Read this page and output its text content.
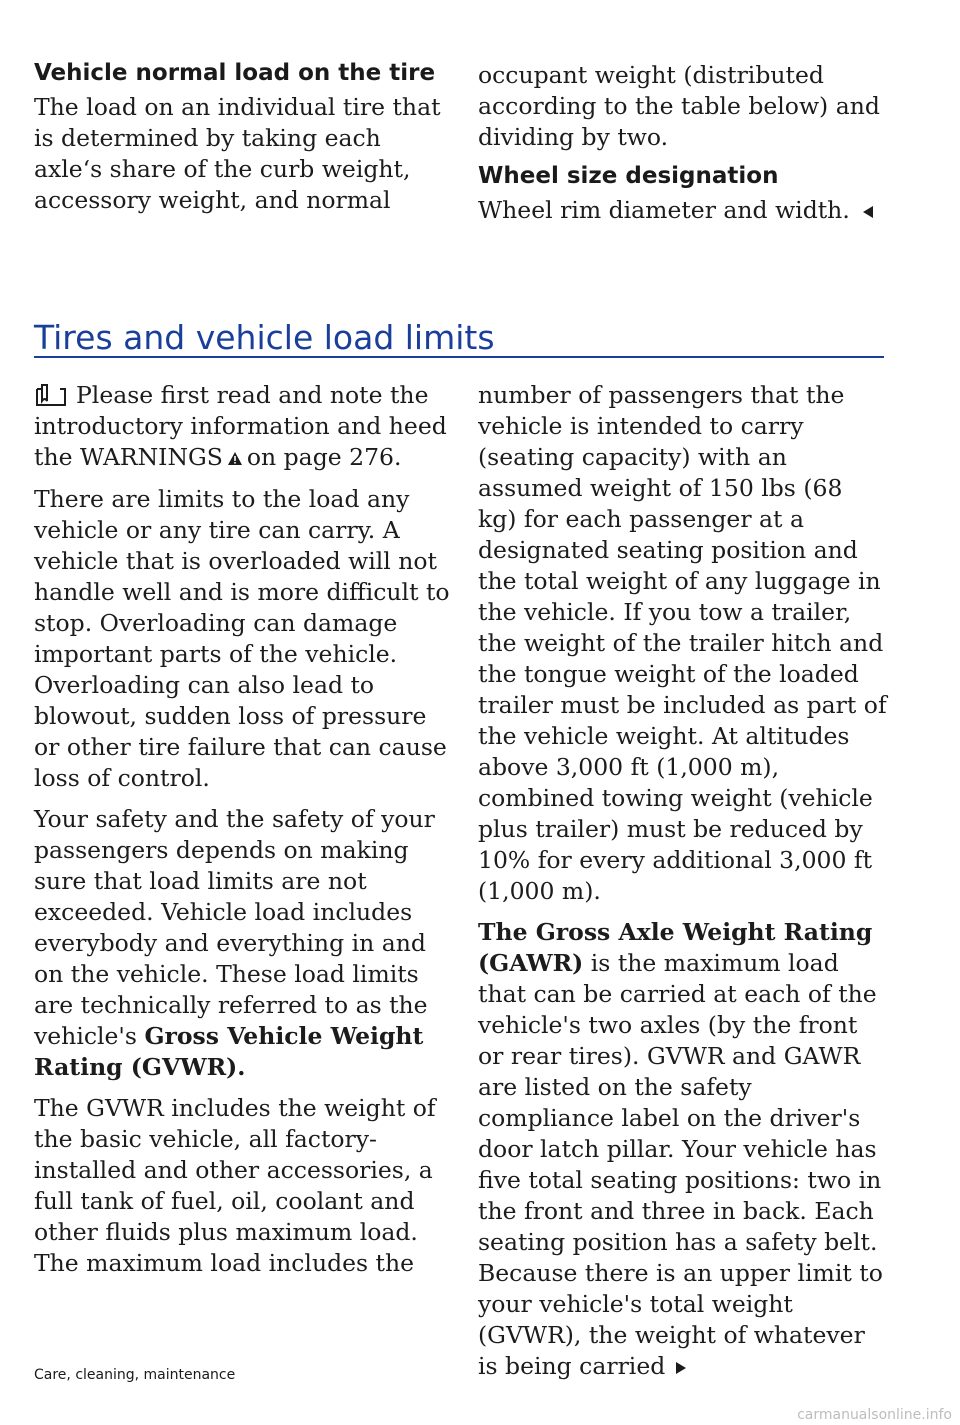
Vehicle normal load on the tire

The load on an individual tire that is determined by taking each axle‘s share of the curb weight, accessory weight, and normal

occupant weight (distributed according to the table below) and dividing by two.

Wheel size designation

Wheel rim diameter and width.

Tires and vehicle load limits

Please first read and note the introductory information and heed the WARNINGS on page 276.

There are limits to the load any vehicle or any tire can carry. A vehicle that is overloaded will not handle well and is more difficult to stop. Overloading can damage important parts of the vehicle. Overloading can also lead to blowout, sudden loss of pressure or other tire failure that can cause loss of control.

Your safety and the safety of your passengers depends on making sure that load limits are not exceeded. Vehicle load includes everybody and everything in and on the vehicle. These load limits are technically referred to as the vehicle's Gross Vehicle Weight Rating (GVWR).

The GVWR includes the weight of the basic vehicle, all factory-installed and other accessories, a full tank of fuel, oil, coolant and other fluids plus maximum load. The maximum load includes the

number of passengers that the vehicle is intended to carry (seating capacity) with an assumed weight of 150 lbs (68 kg) for each passenger at a designated seating position and the total weight of any luggage in the vehicle. If you tow a trailer, the weight of the trailer hitch and the tongue weight of the loaded trailer must be included as part of the vehicle weight. At altitudes above 3,000 ft (1,000 m), combined towing weight (vehicle plus trailer) must be reduced by 10% for every additional 3,000 ft (1,000 m).

The Gross Axle Weight Rating (GAWR) is the maximum load that can be carried at each of the vehicle's two axles (by the front or rear tires). GVWR and GAWR are listed on the safety compliance label on the driver's door latch pillar. Your vehicle has five total seating positions: two in the front and three in back. Each seating position has a safety belt. Because there is an upper limit to your vehicle's total weight (GVWR), the weight of whatever is being carried

Care, cleaning, maintenance

carmanualsonline.info
